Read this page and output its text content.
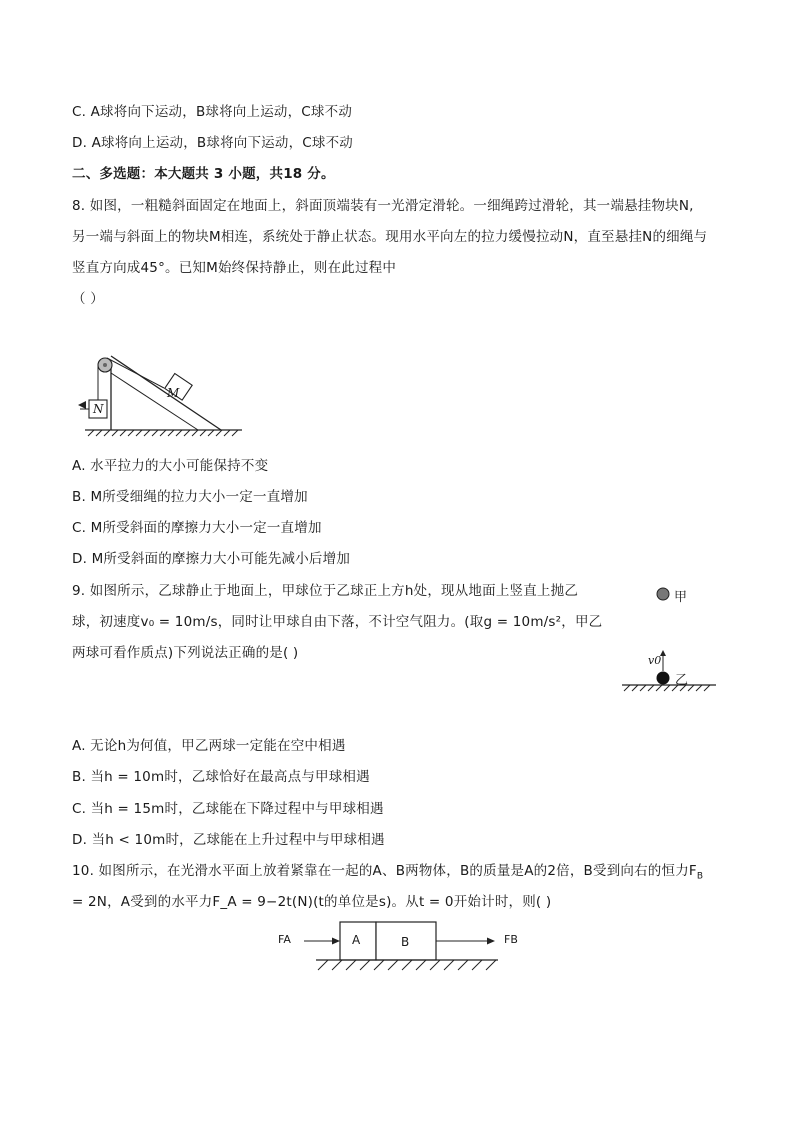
C. A球将向下运动，B球将向上运动，C球不动
D. A球将向上运动，B球将向下运动，C球不动
二、多选题：本大题共 3 小题，共18 分。
8. 如图，一粗糙斜面固定在地面上，斜面顶端装有一光滑定滑轮。一细绳跨过滑轮，其一端悬挂物块N,
另一端与斜面上的物块M相连，系统处于静止状态。现用水平向左的拉力缓慢拉动N，直至悬挂N的细绳与
竖直方向成45°。已知M始终保持静止，则在此过程中
（ ）
M
N
A. 水平拉力的大小可能保持不变
B. M所受细绳的拉力大小一定一直增加
C. M所受斜面的摩擦力大小一定一直增加
D. M所受斜面的摩擦力大小可能先减小后增加
9. 如图所示，乙球静止于地面上，甲球位于乙球正上方h处，现从地面上竖直上抛乙
球，初速度v₀ = 10m/s，同时让甲球自由下落，不计空气阻力。(取g = 10m/s²，甲乙
两球可看作质点)下列说法正确的是( )
甲
乙
v0
A. 无论h为何值，甲乙两球一定能在空中相遇
B. 当h = 10m时，乙球恰好在最高点与甲球相遇
C. 当h = 15m时，乙球能在下降过程中与甲球相遇
D. 当h < 10m时，乙球能在上升过程中与甲球相遇
10. 如图所示，在光滑水平面上放着紧靠在一起的A、B两物体，B的质量是A的2倍，B受到向右的恒力$F_B$
= 2N，A受到的水平力F_A = 9−2t(N)(t的单位是s)。从t = 0开始计时，则( )
A	B
FA	FB
